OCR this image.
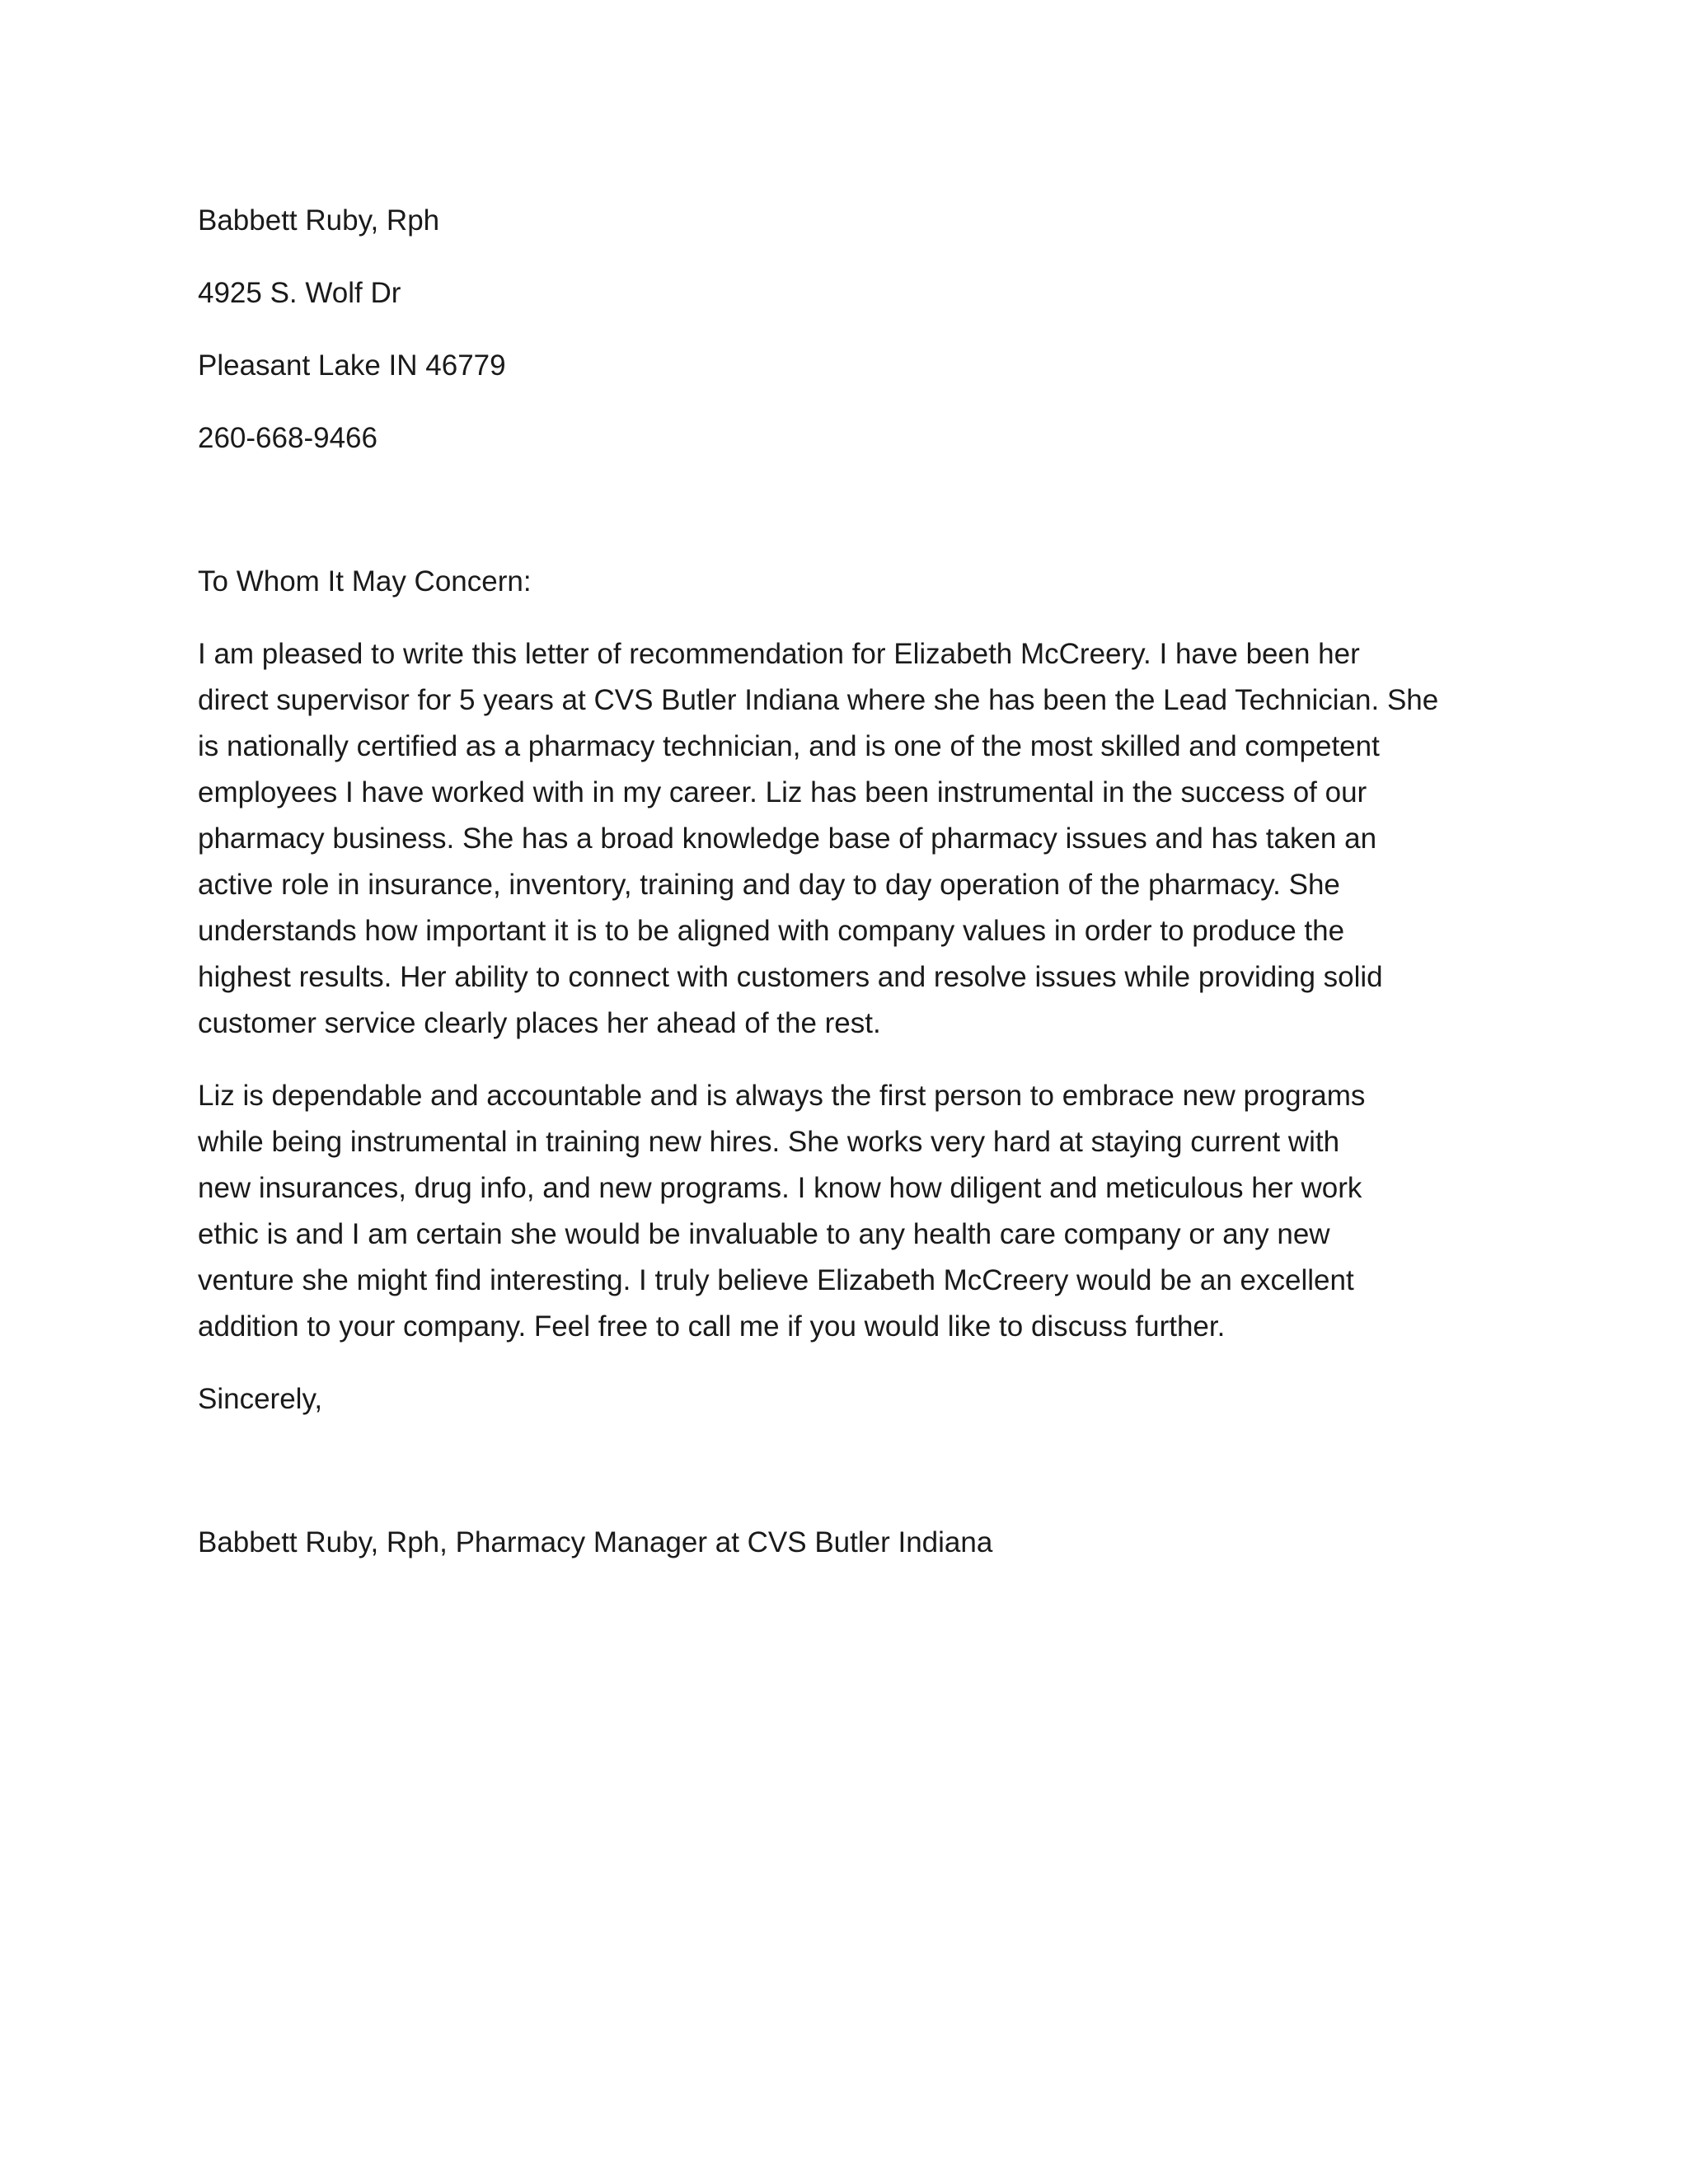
Babbett Ruby, Rph
4925 S. Wolf Dr
Pleasant Lake IN 46779
260-668-9466
To Whom It May Concern:
I am pleased to write this letter of recommendation for Elizabeth McCreery. I have been her
direct supervisor for 5 years at CVS Butler Indiana where she has been the Lead Technician. She
is nationally certified as a pharmacy technician, and is one of the most skilled and competent
employees I have worked with in my career. Liz has been instrumental in the success of our
pharmacy business. She has a broad knowledge base of pharmacy issues and has taken an
active role in insurance, inventory, training and day to day operation of the pharmacy. She
understands how important it is to be aligned with company values in order to produce the
highest results. Her ability to connect with customers and resolve issues while providing solid
customer service clearly places her ahead of the rest.
Liz is dependable and accountable and is always the first person to embrace new programs
while being instrumental in training new hires. She works very hard at staying current with
new insurances, drug info, and new programs. I know how diligent and meticulous her work
ethic is and I am certain she would be invaluable to any health care company or any new
venture she might find interesting. I truly believe Elizabeth McCreery would be an excellent
addition to your company. Feel free to call me if you would like to discuss further.
Sincerely,
Babbett Ruby, Rph, Pharmacy Manager at CVS Butler Indiana
